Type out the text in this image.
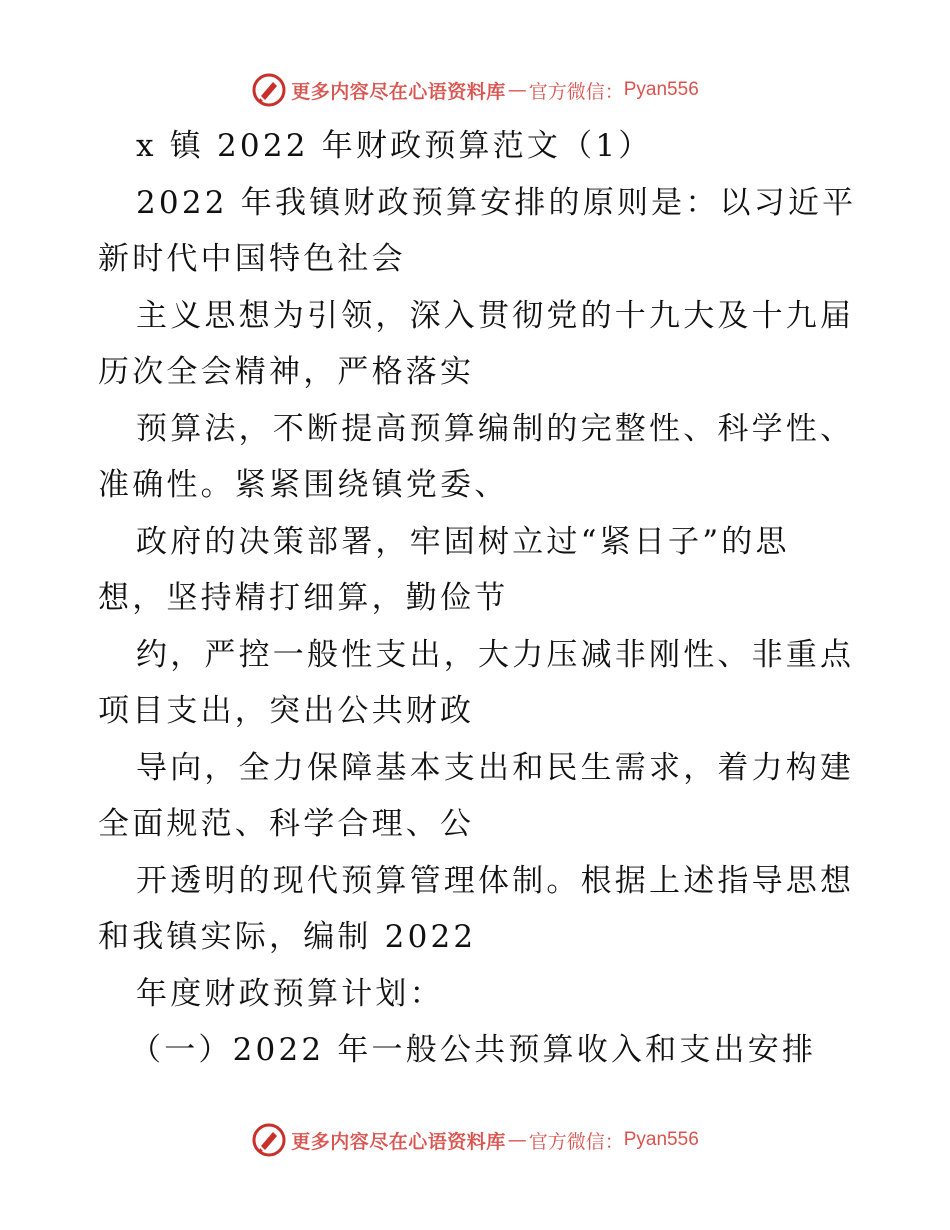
更多内容尽在心语资料库 — 官方微信： Pyan556
x 镇 2022 年财政预算范文（1）
2022 年我镇财政预算安排的原则是：以习近平
新时代中国特色社会
主义思想为引领，深入贯彻党的十九大及十九届
历次全会精神，严格落实
预算法，不断提高预算编制的完整性、科学性、
准确性。紧紧围绕镇党委、
政府的决策部署，牢固树立过“紧日子”的思
想，坚持精打细算，勤俭节
约，严控一般性支出，大力压减非刚性、非重点
项目支出，突出公共财政
导向，全力保障基本支出和民生需求，着力构建
全面规范、科学合理、公
开透明的现代预算管理体制。根据上述指导思想
和我镇实际，编制 2022
年度财政预算计划：
（一）2022 年一般公共预算收入和支出安排
更多内容尽在心语资料库 — 官方微信： Pyan556
